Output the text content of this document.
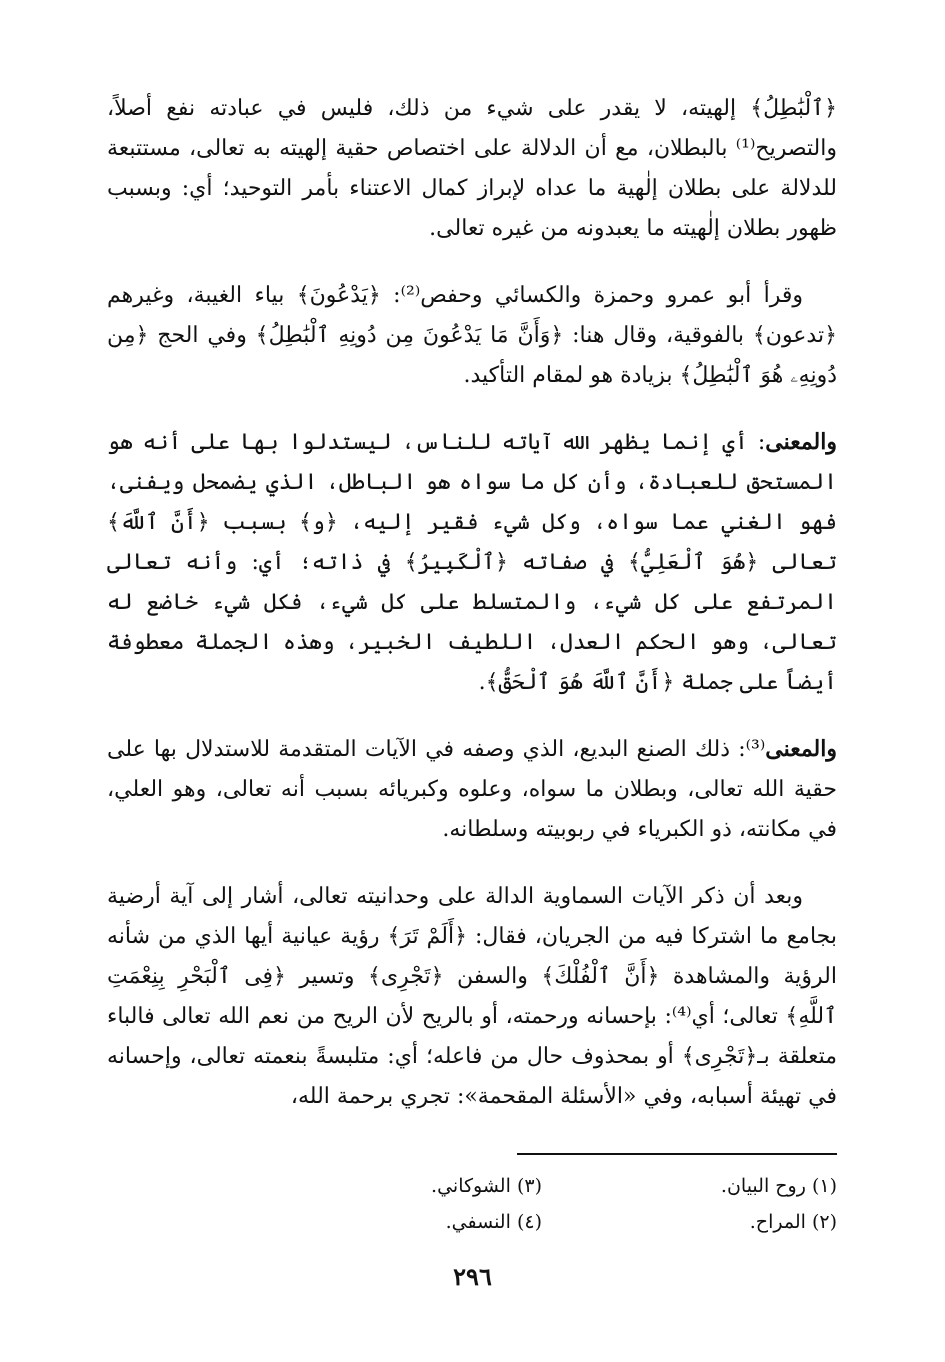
﴿ٱلْبَٰطِلُ﴾ إلهيته، لا يقدر على شيء من ذلك، فليس في عبادته نفع أصلاً، والتصريح⁽¹⁾ بالبطلان، مع أن الدلالة على اختصاص حقية إلهيته به تعالى، مستتبعة للدلالة على بطلان إلٰهية ما عداه لإبراز كمال الاعتناء بأمر التوحيد؛ أي: وبسبب ظهور بطلان إلٰهيته ما يعبدونه من غيره تعالى.

وقرأ أبو عمرو وحمزة والكسائي وحفص⁽²⁾: ﴿يَدْعُونَ﴾ بياء الغيبة، وغيرهم ﴿تدعون﴾ بالفوقية، وقال هنا: ﴿وَأَنَّ مَا يَدْعُونَ مِن دُونِهِ ٱلْبَٰطِلُ﴾ وفي الحج ﴿مِن دُونِهِۦ هُوَ ٱلْبَٰطِلُ﴾ بزيادة هو لمقام التأكيد.

والمعنى: أي إنما يظهر الله آياته للناس، ليستدلوا بها على أنه هو المستحق للعبادة، وأن كل ما سواه هو الباطل، الذي يضمحل ويفنى، فهو الغني عما سواه، وكل شيء فقير إليه، ﴿و﴾ بسبب ﴿أَنَّ ٱللَّهَ﴾ تعالى ﴿هُوَ ٱلْعَلِيُّ﴾ في صفاته ﴿ٱلْكَبِيرُ﴾ في ذاته؛ أي: وأنه تعالى المرتفع على كل شيء، والمتسلط على كل شيء، فكل شيء خاضع له تعالى، وهو الحكم العدل، اللطيف الخبير، وهذه الجملة معطوفة أيضاً على جملة ﴿أَنَّ ٱللَّهَ هُوَ ٱلْحَقُّ﴾.

والمعنى⁽³⁾: ذلك الصنع البديع، الذي وصفه في الآيات المتقدمة للاستدلال بها على حقية الله تعالى، وبطلان ما سواه، وعلوه وكبريائه بسبب أنه تعالى، وهو العلي، في مكانته، ذو الكبرياء في ربوبيته وسلطانه.

وبعد أن ذكر الآيات السماوية الدالة على وحدانيته تعالى، أشار إلى آية أرضية بجامع ما اشتركا فيه من الجريان، فقال: ﴿أَلَمْ تَرَ﴾ رؤية عيانية أيها الذي من شأنه الرؤية والمشاهدة ﴿أَنَّ ٱلْفُلْكَ﴾ والسفن ﴿تَجْرِى﴾ وتسير ﴿فِى ٱلْبَحْرِ بِنِعْمَتِ ٱللَّهِ﴾ تعالى؛ أي⁽⁴⁾: بإحسانه ورحمته، أو بالريح لأن الريح من نعم الله تعالى فالباء متعلقة بـ﴿تَجْرِى﴾ أو بمحذوف حال من فاعله؛ أي: متلبسةً بنعمته تعالى، وإحسانه في تهيئة أسبابه، وفي «الأسئلة المقحمة»: تجري برحمة الله،

(١) روح البيان.
(٣) الشوكاني.
(٢) المراح.
(٤) النسفي.
٢٩٦
